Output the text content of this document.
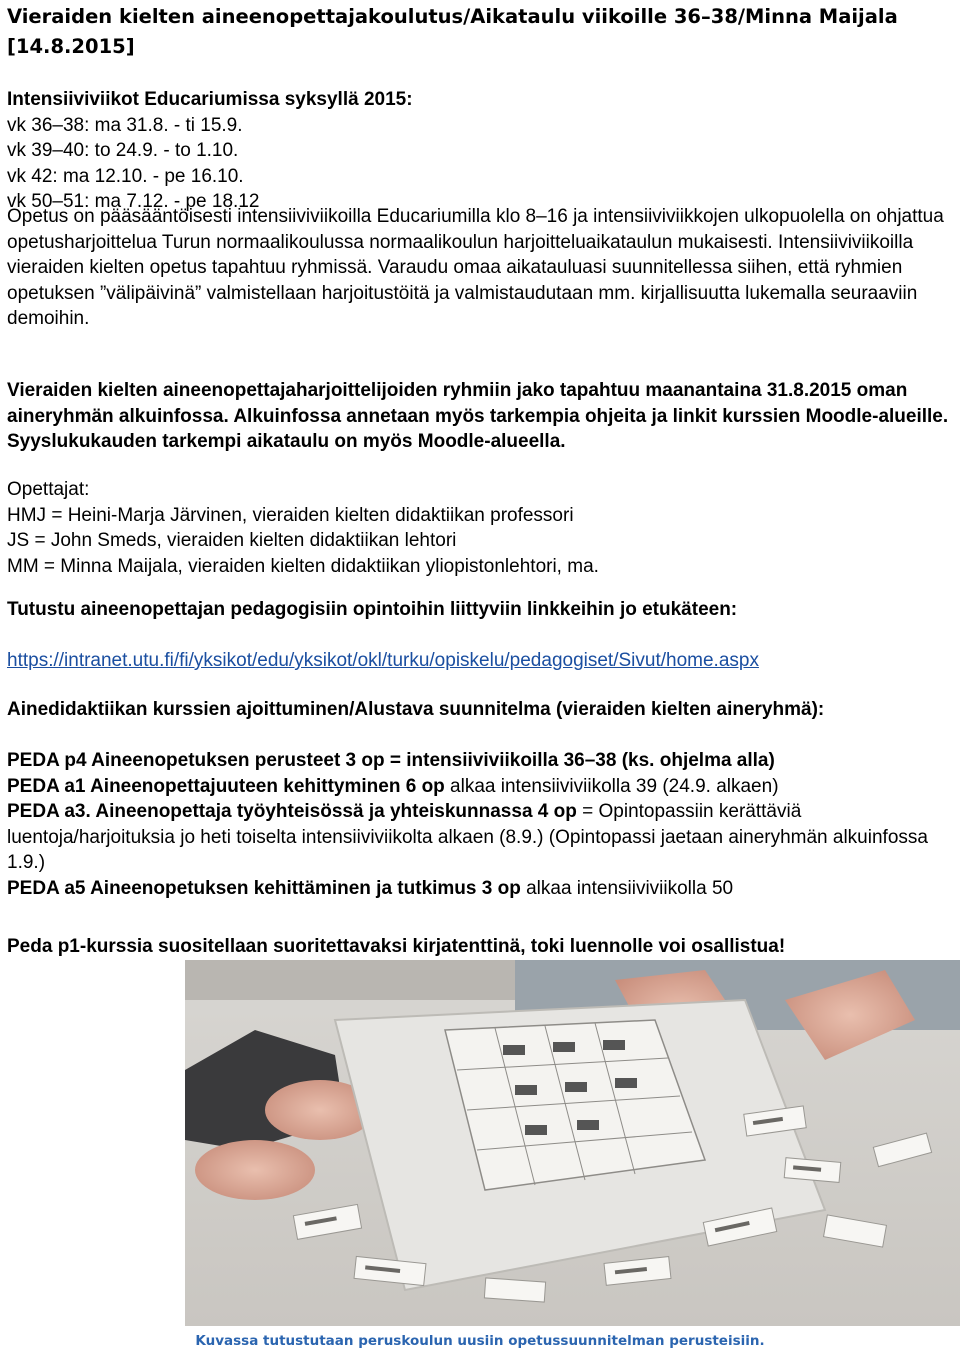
Vieraiden kielten aineenopettajakoulutus/Aikataulu viikoille 36–38/Minna Maijala
[14.8.2015]
Intensiiviviikot Educariumissa syksyllä 2015:
vk 36–38: ma 31.8. - ti 15.9.
vk 39–40: to 24.9. - to 1.10.
vk 42: ma 12.10. - pe 16.10.
vk 50–51: ma 7.12. - pe 18.12

Opetus on pääsääntöisesti intensiiviviikoilla Educariumilla klo 8–16 ja intensiiviviikkojen ulkopuolella on ohjattua opetusharjoittelua Turun normaalikoulussa normaalikoulun harjoitteluaikataulun mukaisesti. Intensiiviviikoilla vieraiden kielten opetus tapahtuu ryhmissä. Varaudu omaa aikatauluasi suunnitellessa siihen, että ryhmien opetuksen ”välipäivinä” valmistellaan harjoitustöitä ja valmistaudutaan mm. kirjallisuutta lukemalla seuraaviin demoihin.

Vieraiden kielten aineenopettajaharjoittelijoiden ryhmiin jako tapahtuu maanantaina 31.8.2015 oman aineryhmän alkuinfossa. Alkuinfossa annetaan myös tarkempia ohjeita ja linkit kurssien Moodle-alueille. Syyslukukauden tarkempi aikataulu on myös Moodle-alueella.

Opettajat:
HMJ = Heini-Marja Järvinen, vieraiden kielten didaktiikan professori
JS = John Smeds, vieraiden kielten didaktiikan lehtori
MM = Minna Maijala, vieraiden kielten didaktiikan yliopistonlehtori, ma.
Tutustu aineenopettajan pedagogisiin opintoihin liittyviin linkkeihin jo etukäteen:
https://intranet.utu.fi/fi/yksikot/edu/yksikot/okl/turku/opiskelu/pedagogiset/Sivut/home.aspx
Ainedidaktiikan kurssien ajoittuminen/Alustava suunnitelma (vieraiden kielten aineryhmä):

PEDA p4 Aineenopetuksen perusteet 3 op = intensiiviviikoilla 36–38 (ks. ohjelma alla)

PEDA a1 Aineenopettajuuteen kehittyminen 6 op alkaa intensiiviviikolla 39 (24.9. alkaen)

PEDA a3. Aineenopettaja työyhteisössä ja yhteiskunnassa 4 op = Opintopassiin kerättäviä luentoja/harjoituksia jo heti toiselta intensiiviviikolta alkaen (8.9.) (Opintopassi jaetaan aineryhmän alkuinfossa 1.9.)

PEDA a5 Aineenopetuksen kehittäminen ja tutkimus 3 op alkaa intensiiviviikolla 50

Peda p1-kurssia suositellaan suoritettavaksi kirjatenttinä, toki luennolle voi osallistua!
Kuvassa tutustutaan peruskoulun uusiin opetussuunnitelman perusteisiin.
